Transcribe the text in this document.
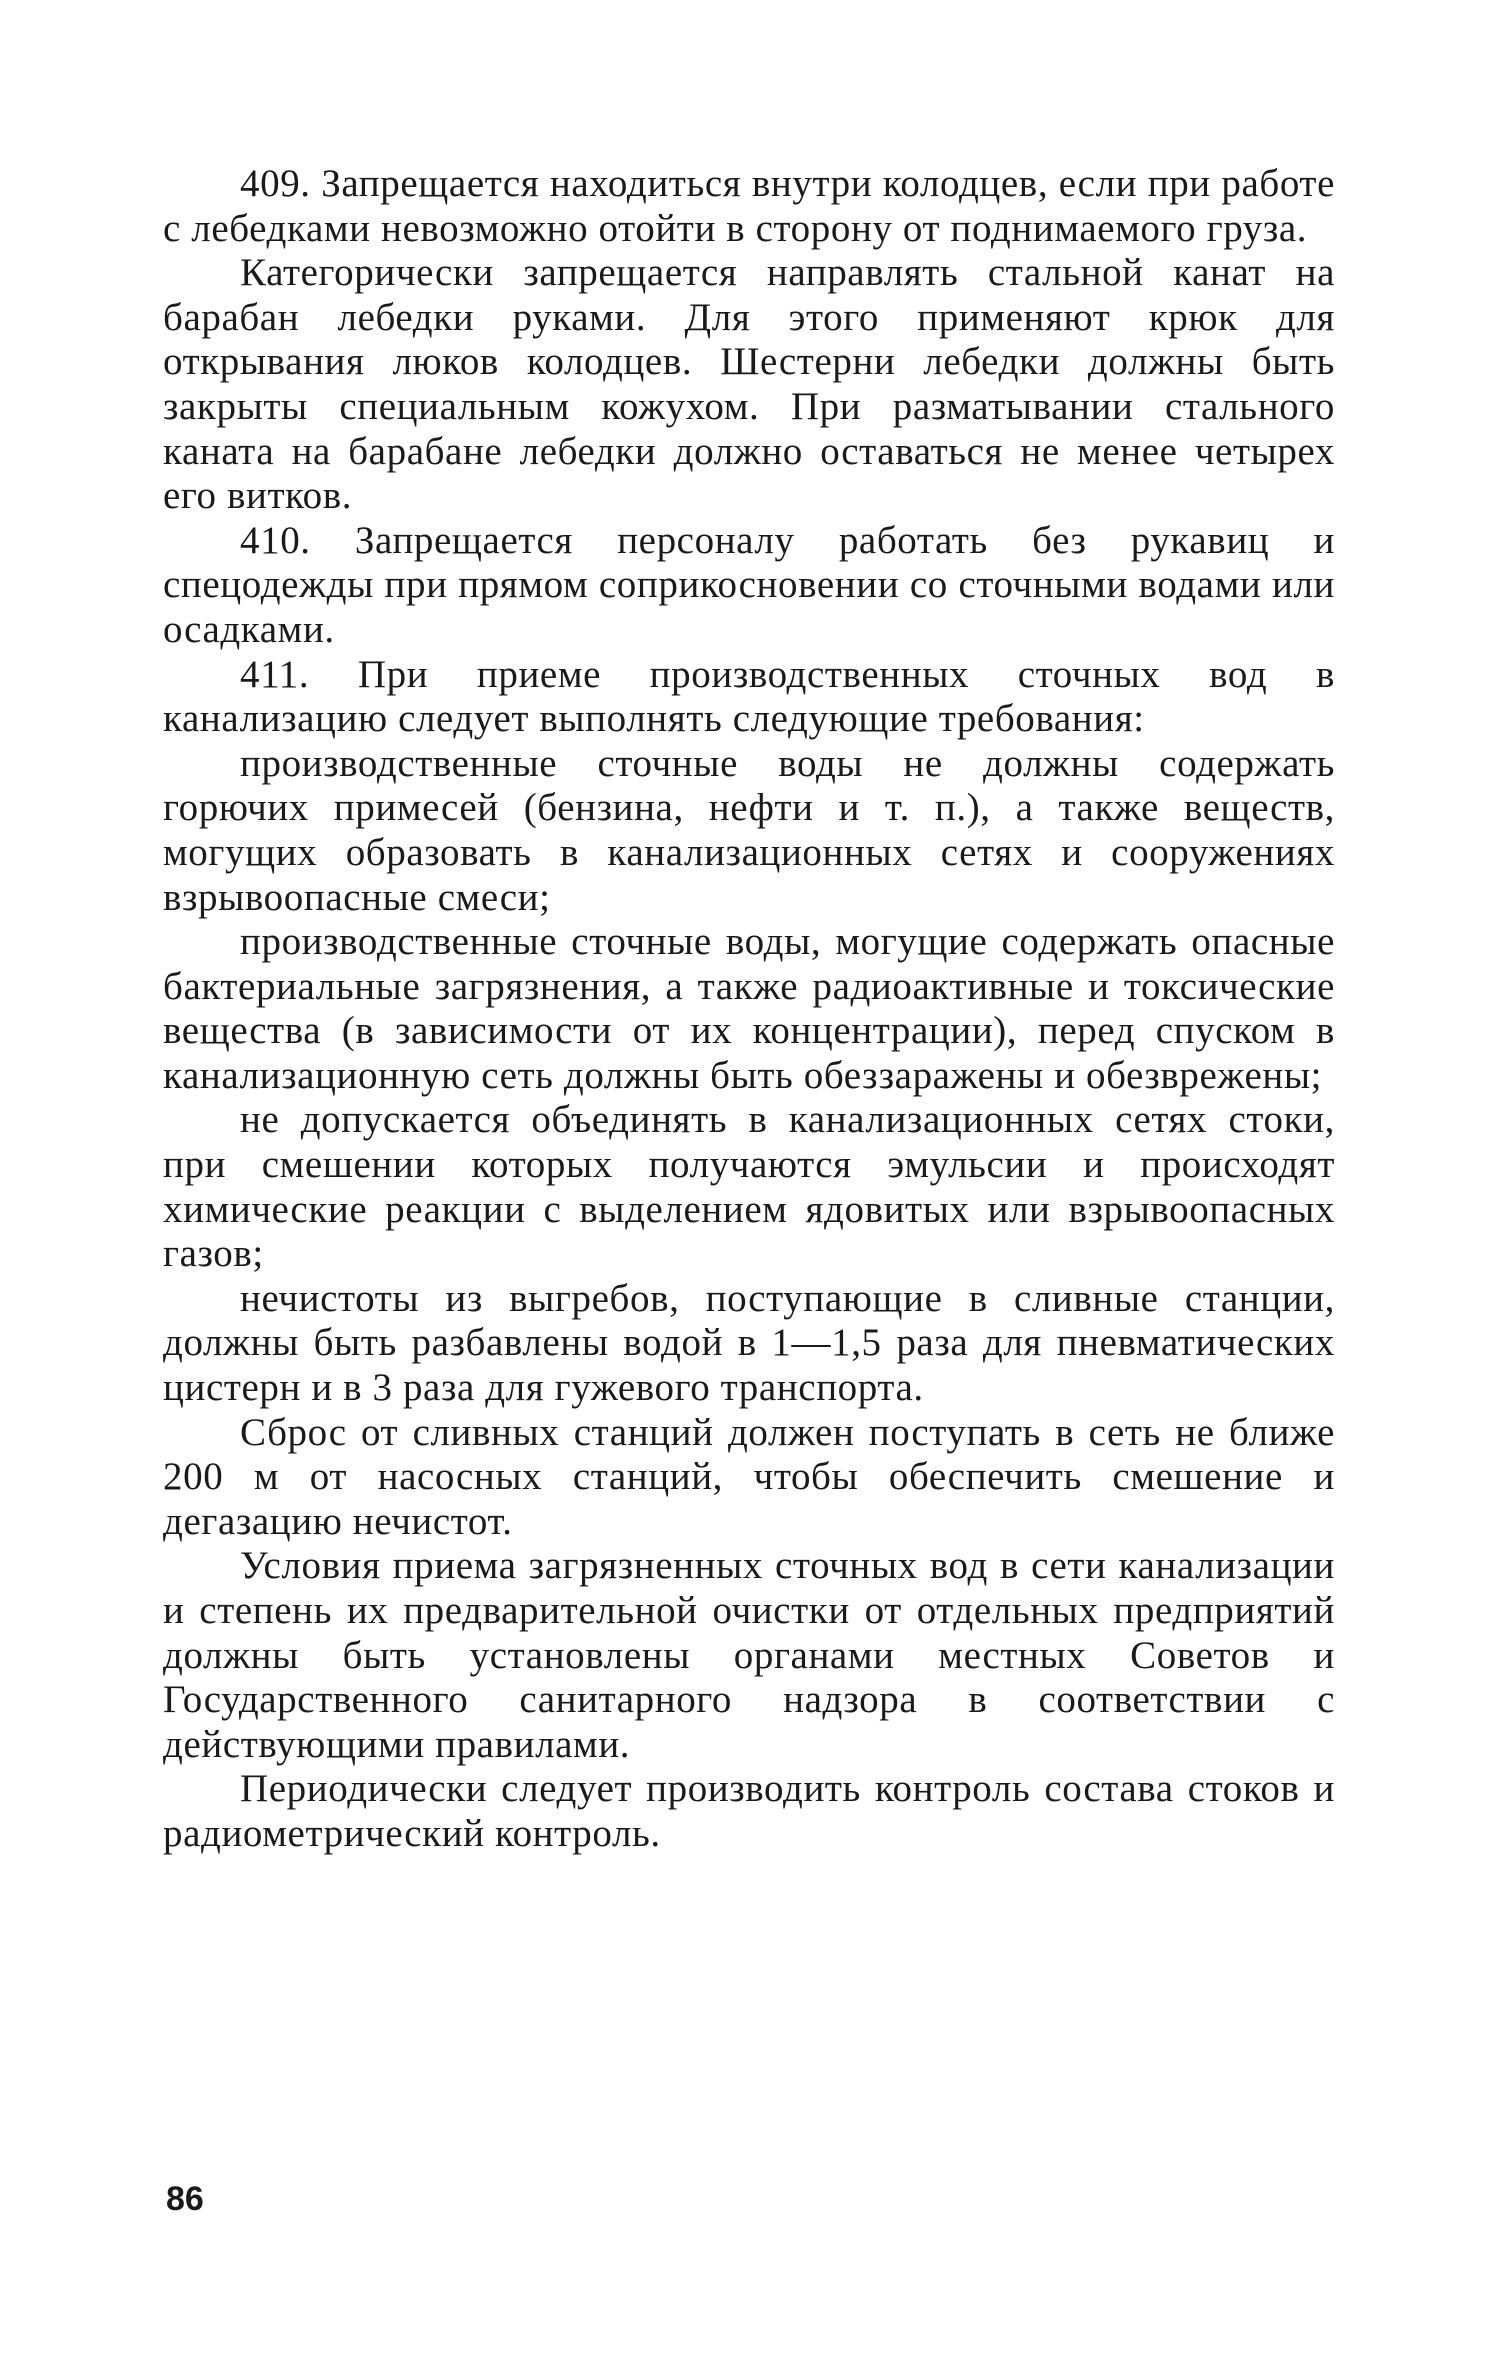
409. Запрещается находиться внутри колодцев, если при работе с лебедками невозможно отойти в сторону от поднимаемого груза.

Категорически запрещается направлять стальной канат на барабан лебедки руками. Для этого применяют крюк для открывания люков колодцев. Шестерни лебедки должны быть закрыты специальным кожухом. При разматывании стального каната на барабане лебедки должно оставаться не менее четырех его витков.

410. Запрещается персоналу работать без рукавиц и спецодежды при прямом соприкосновении со сточными водами или осадками.

411. При приеме производственных сточных вод в канализацию следует выполнять следующие требования:

производственные сточные воды не должны содержать горючих примесей (бензина, нефти и т. п.), а также веществ, могущих образовать в канализационных сетях и сооружениях взрывоопасные смеси;

производственные сточные воды, могущие содержать опасные бактериальные загрязнения, а также радиоактивные и токсические вещества (в зависимости от их концентрации), перед спуском в канализационную сеть должны быть обеззаражены и обезврежены;

не допускается объединять в канализационных сетях стоки, при смешении которых получаются эмульсии и происходят химические реакции с выделением ядовитых или взрывоопасных газов;

нечистоты из выгребов, поступающие в сливные станции, должны быть разбавлены водой в 1—1,5 раза для пневматических цистерн и в 3 раза для гужевого транспорта.

Сброс от сливных станций должен поступать в сеть не ближе 200 м от насосных станций, чтобы обеспечить смешение и дегазацию нечистот.

Условия приема загрязненных сточных вод в сети канализации и степень их предварительной очистки от отдельных предприятий должны быть установлены органами местных Советов и Государственного санитарного надзора в соответствии с действующими правилами.

Периодически следует производить контроль состава стоков и радиометрический контроль.

86
